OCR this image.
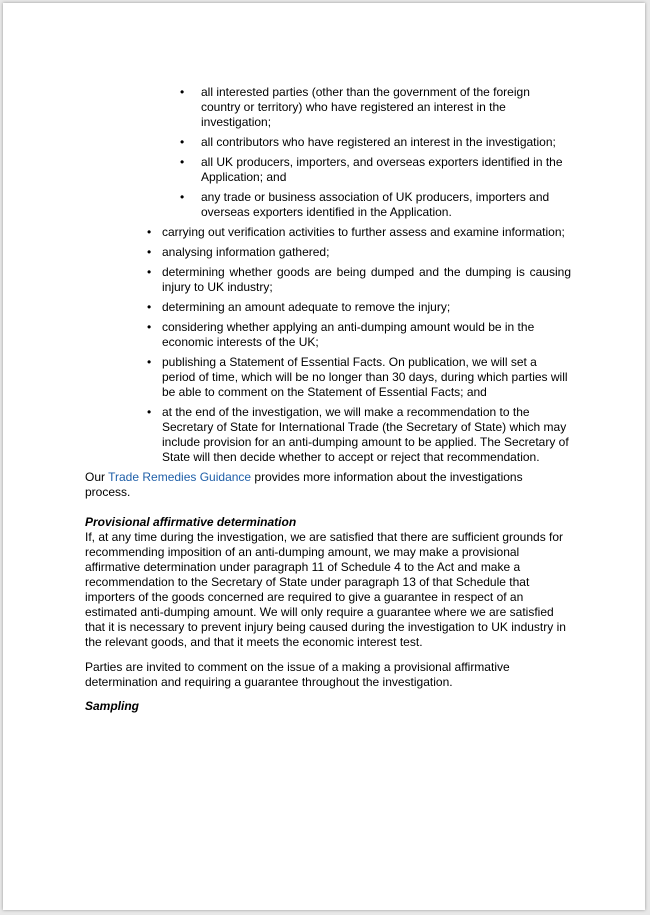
• all interested parties (other than the government of the foreign country or territory) who have registered an interest in the investigation;
• all contributors who have registered an interest in the investigation;
• all UK producers, importers, and overseas exporters identified in the Application; and
• any trade or business association of UK producers, importers and overseas exporters identified in the Application.
• carrying out verification activities to further assess and examine information;
• analysing information gathered;
• determining whether goods are being dumped and the dumping is causing injury to UK industry;
• determining an amount adequate to remove the injury;
• considering whether applying an anti-dumping amount would be in the economic interests of the UK;
• publishing a Statement of Essential Facts. On publication, we will set a period of time, which will be no longer than 30 days, during which parties will be able to comment on the Statement of Essential Facts; and
• at the end of the investigation, we will make a recommendation to the Secretary of State for International Trade (the Secretary of State) which may include provision for an anti-dumping amount to be applied. The Secretary of State will then decide whether to accept or reject that recommendation.

Our Trade Remedies Guidance provides more information about the investigations process.

Provisional affirmative determination

If, at any time during the investigation, we are satisfied that there are sufficient grounds for recommending imposition of an anti-dumping amount, we may make a provisional affirmative determination under paragraph 11 of Schedule 4 to the Act and make a recommendation to the Secretary of State under paragraph 13 of that Schedule that importers of the goods concerned are required to give a guarantee in respect of an estimated anti-dumping amount. We will only require a guarantee where we are satisfied that it is necessary to prevent injury being caused during the investigation to UK industry in the relevant goods, and that it meets the economic interest test.

Parties are invited to comment on the issue of a making a provisional affirmative determination and requiring a guarantee throughout the investigation.

Sampling
